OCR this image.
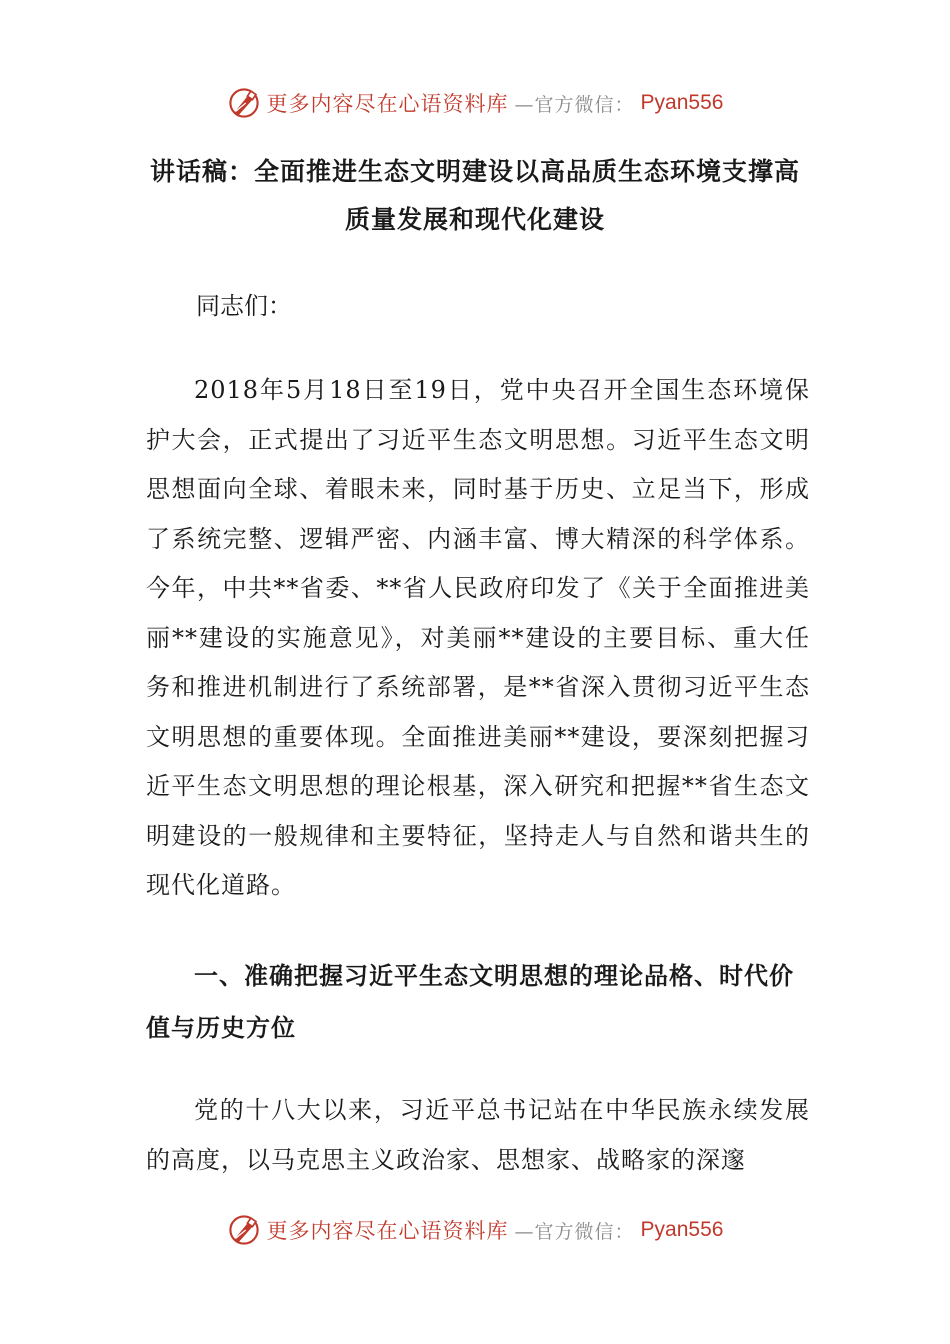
更多内容尽在心语资料库 —官方微信： Pyan556
讲话稿：全面推进生态文明建设以高品质生态环境支撑高质量发展和现代化建设
同志们：
2018年5月18日至19日，党中央召开全国生态环境保护大会，正式提出了习近平生态文明思想。习近平生态文明思想面向全球、着眼未来，同时基于历史、立足当下，形成了系统完整、逻辑严密、内涵丰富、博大精深的科学体系。今年，中共**省委、**省人民政府印发了《关于全面推进美丽**建设的实施意见》，对美丽**建设的主要目标、重大任务和推进机制进行了系统部署，是**省深入贯彻习近平生态文明思想的重要体现。全面推进美丽**建设，要深刻把握习近平生态文明思想的理论根基，深入研究和把握**省生态文明建设的一般规律和主要特征，坚持走人与自然和谐共生的现代化道路。
一、准确把握习近平生态文明思想的理论品格、时代价值与历史方位
党的十八大以来，习近平总书记站在中华民族永续发展的高度，以马克思主义政治家、思想家、战略家的深邃
更多内容尽在心语资料库 —官方微信： Pyan556
